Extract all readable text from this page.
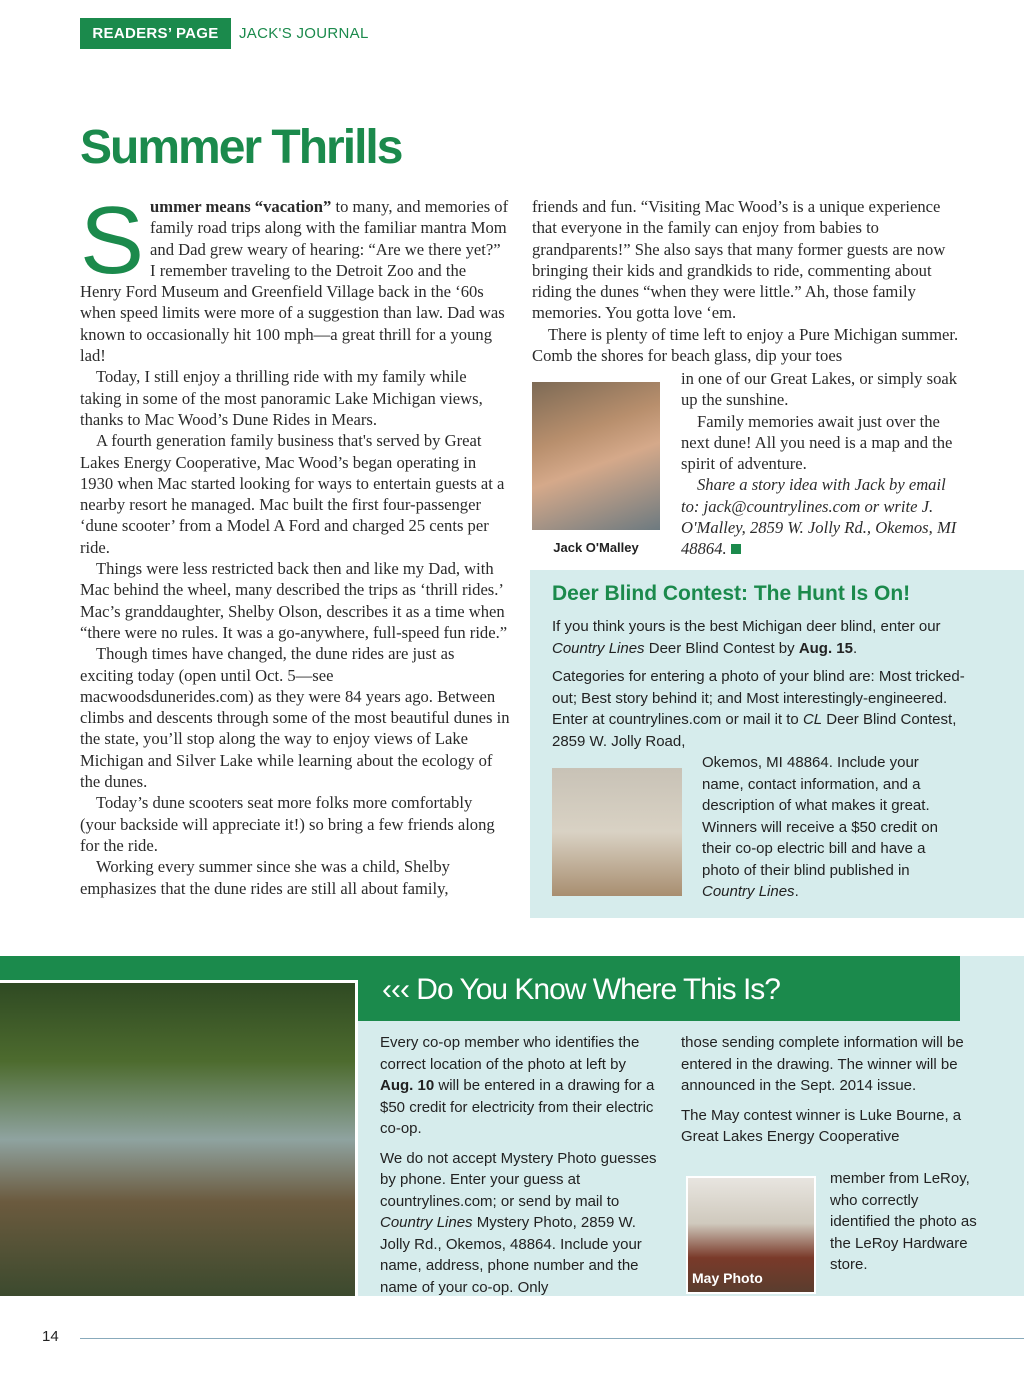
READERS’ PAGE	JACK'S JOURNAL
Summer Thrills

Summer means “vacation” to many, and memories of family road trips along with the familiar mantra Mom and Dad grew weary of hearing: “Are we there yet?” I remember traveling to the Detroit Zoo and the Henry Ford Museum and Greenfield Village back in the ‘60s when speed limits were more of a suggestion than law. Dad was known to occasionally hit 100 mph—a great thrill for a young lad!

Today, I still enjoy a thrilling ride with my family while taking in some of the most panoramic Lake Michigan views, thanks to Mac Wood’s Dune Rides in Mears.

A fourth generation family business that's served by Great Lakes Energy Cooperative, Mac Wood’s began operating in 1930 when Mac started looking for ways to entertain guests at a nearby resort he managed. Mac built the first four-passenger ‘dune scooter’ from a Model A Ford and charged 25 cents per ride.

Things were less restricted back then and like my Dad, with Mac behind the wheel, many described the trips as ‘thrill rides.’ Mac’s granddaughter, Shelby Olson, describes it as a time when “there were no rules. It was a go-anywhere, full-speed fun ride.”

Though times have changed, the dune rides are just as exciting today (open until Oct. 5—see macwoodsdunerides.com) as they were 84 years ago. Between climbs and descents through some of the most beautiful dunes in the state, you’ll stop along the way to enjoy views of Lake Michigan and Silver Lake while learning about the ecology of the dunes.

Today’s dune scooters seat more folks more comfortably (your backside will appreciate it!) so bring a few friends along for the ride.

Working every summer since she was a child, Shelby emphasizes that the dune rides are still all about family,

friends and fun. “Visiting Mac Wood’s is a unique experience that everyone in the family can enjoy from babies to grandparents!” She also says that many former guests are now bringing their kids and grandkids to ride, commenting about riding the dunes “when they were little.” Ah, those family memories. You gotta love ‘em.

There is plenty of time left to enjoy a Pure Michigan summer. Comb the shores for beach glass, dip your toes

Jack O'Malley

in one of our Great Lakes, or simply soak up the sunshine.

Family memories await just over the next dune! All you need is a map and the spirit of adventure.

Share a story idea with Jack by email to: jack@countrylines.com or write J. O'Malley, 2859 W. Jolly Rd., Okemos, MI 48864.

Deer Blind Contest: The Hunt Is On!
If you think yours is the best Michigan deer blind, enter our Country Lines Deer Blind Contest by Aug. 15.
Categories for entering a photo of your blind are: Most tricked-out; Best story behind it; and Most interestingly-engineered. Enter at countrylines.com or mail it to CL Deer Blind Contest, 2859 W. Jolly Road,
Okemos, MI 48864. Include your name, contact information, and a description of what makes it great. Winners will receive a $50 credit on their co-op electric bill and have a photo of their blind published in Country Lines.
‹‹‹ Do You Know Where This Is?

Every co-op member who identifies the correct location of the photo at left by Aug. 10 will be entered in a drawing for a $50 credit for electricity from their electric co-op.

We do not accept Mystery Photo guesses by phone. Enter your guess at countrylines.com; or send by mail to Country Lines Mystery Photo, 2859 W. Jolly Rd., Okemos, 48864. Include your name, address, phone number and the name of your co-op. Only

those sending complete information will be entered in the drawing. The winner will be announced in the Sept. 2014 issue.

The May contest winner is Luke Bourne, a Great Lakes Energy Cooperative

May Photo
member from LeRoy, who correctly identified the photo as the LeRoy Hardware store.
14
